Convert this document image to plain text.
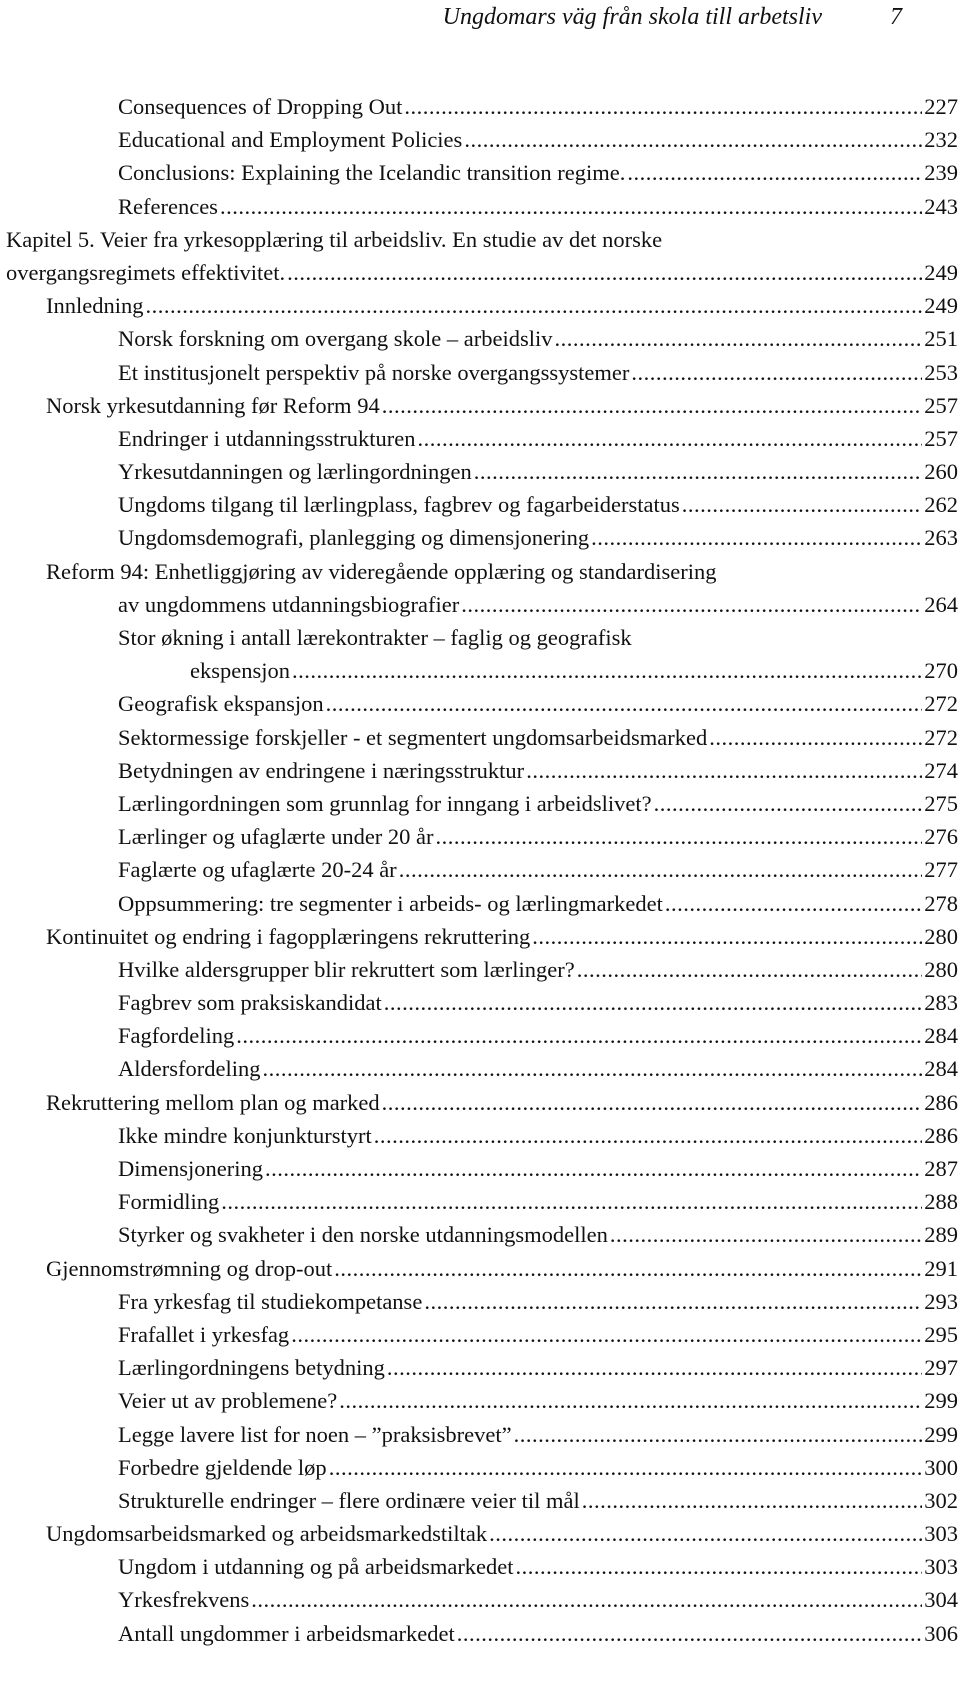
Ungdomars väg från skola till arbetsliv	7
Consequences of Dropping Out .....	227
Educational and Employment Policies .....	232
Conclusions: Explaining the Icelandic transition regime. .....	239
References .....	243
Kapitel 5. Veier fra yrkesopplæring til arbeidsliv. En studie av det norske
overgangsregimets effektivitet. .....	249
Innledning .....	249
Norsk forskning om overgang skole – arbeidsliv .....	251
Et institusjonelt perspektiv på norske overgangssystemer .....	253
Norsk yrkesutdanning før Reform 94 .....	257
Endringer i utdanningsstrukturen .....	257
Yrkesutdanningen og lærlingordningen .....	260
Ungdoms tilgang til lærlingplass, fagbrev og fagarbeiderstatus .....	262
Ungdomsdemografi, planlegging og dimensjonering .....	263
Reform 94: Enhetliggjøring av videregående opplæring og standardisering
av ungdommens utdanningsbiografier .....	264
Stor økning i antall lærekontrakter – faglig og geografisk
ekspensjon .....	270
Geografisk ekspansjon .....	272
Sektormessige forskjeller - et segmentert ungdomsarbeidsmarked .....	272
Betydningen av endringene i næringsstruktur .....	274
Lærlingordningen som grunnlag for inngang i arbeidslivet? .....	275
Lærlinger og ufaglærte under 20 år .....	276
Faglærte og ufaglærte 20-24 år .....	277
Oppsummering: tre segmenter i arbeids- og lærlingmarkedet .....	278
Kontinuitet og endring i fagopplæringens rekruttering .....	280
Hvilke aldersgrupper blir rekruttert som lærlinger? .....	280
Fagbrev som praksiskandidat .....	283
Fagfordeling .....	284
Aldersfordeling .....	284
Rekruttering mellom plan og marked .....	286
Ikke mindre konjunkturstyrt .....	286
Dimensjonering .....	287
Formidling .....	288
Styrker og svakheter i den norske utdanningsmodellen .....	289
Gjennomstrømning og drop-out .....	291
Fra yrkesfag til studiekompetanse .....	293
Frafallet i yrkesfag .....	295
Lærlingordningens betydning .....	297
Veier ut av problemene? .....	299
Legge lavere list for noen – ”praksisbrevet” .....	299
Forbedre gjeldende løp .....	300
Strukturelle endringer – flere ordinære veier til mål .....	302
Ungdomsarbeidsmarked og arbeidsmarkedstiltak .....	303
Ungdom i utdanning og på arbeidsmarkedet .....	303
Yrkesfrekvens .....	304
Antall ungdommer i arbeidsmarkedet .....	306
